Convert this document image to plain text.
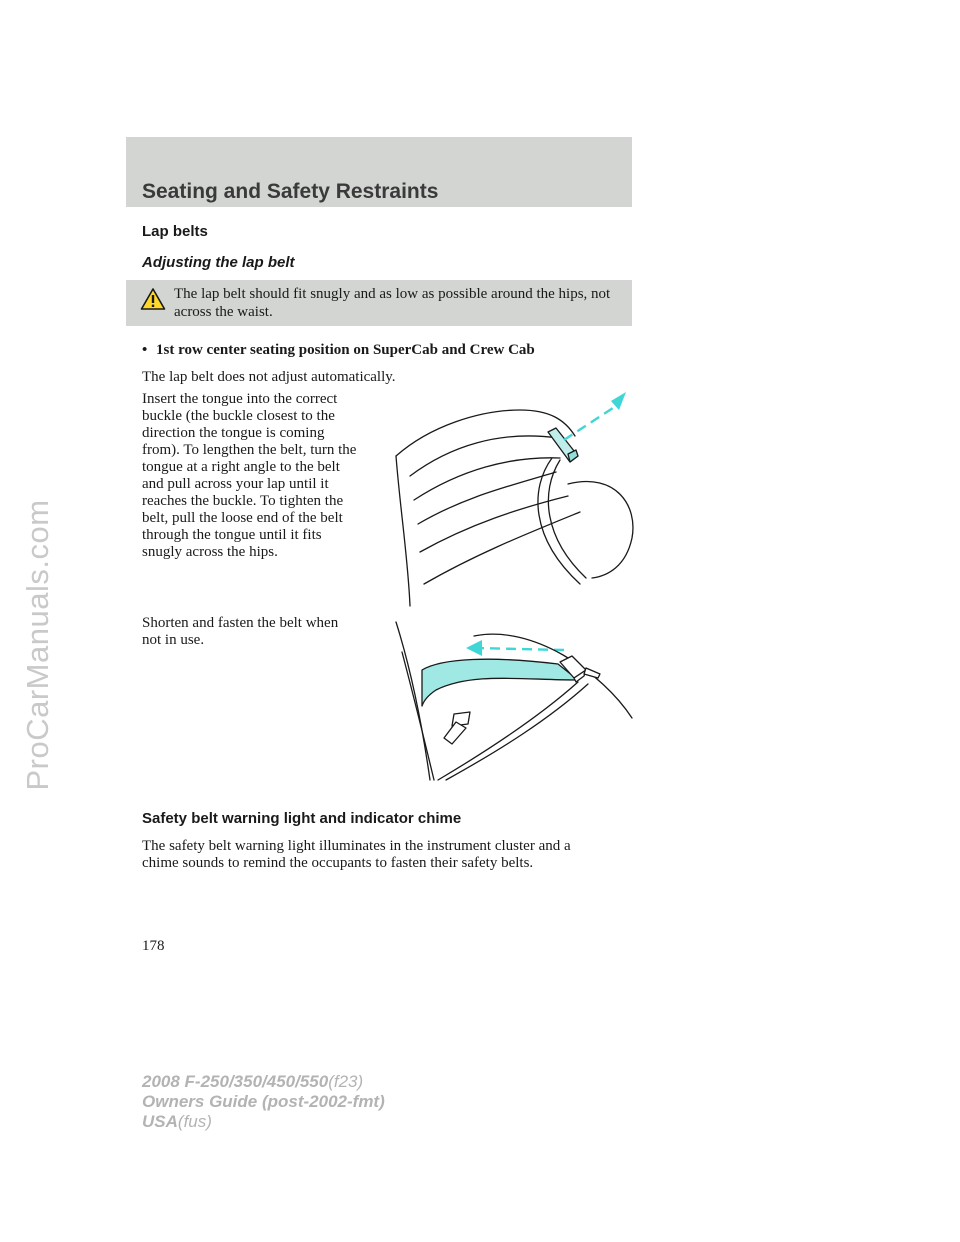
ProCarManuals.com
Seating and Safety Restraints
Lap belts
Adjusting the lap belt

The lap belt should fit snugly and as low as possible around the hips, not across the waist.

• 1st row center seating position on SuperCab and Crew Cab

The lap belt does not adjust automatically.

Insert the tongue into the correct
buckle (the buckle closest to the
direction the tongue is coming
from). To lengthen the belt, turn the
tongue at a right angle to the belt
and pull across your lap until it
reaches the buckle. To tighten the
belt, pull the loose end of the belt
through the tongue until it fits
snugly across the hips.
Shorten and fasten the belt when
not in use.
Safety belt warning light and indicator chime
The safety belt warning light illuminates in the instrument cluster and a
chime sounds to remind the occupants to fasten their safety belts.
178
2008 F-250/350/450/550(f23)
Owners Guide (post-2002-fmt)
USA(fus)
